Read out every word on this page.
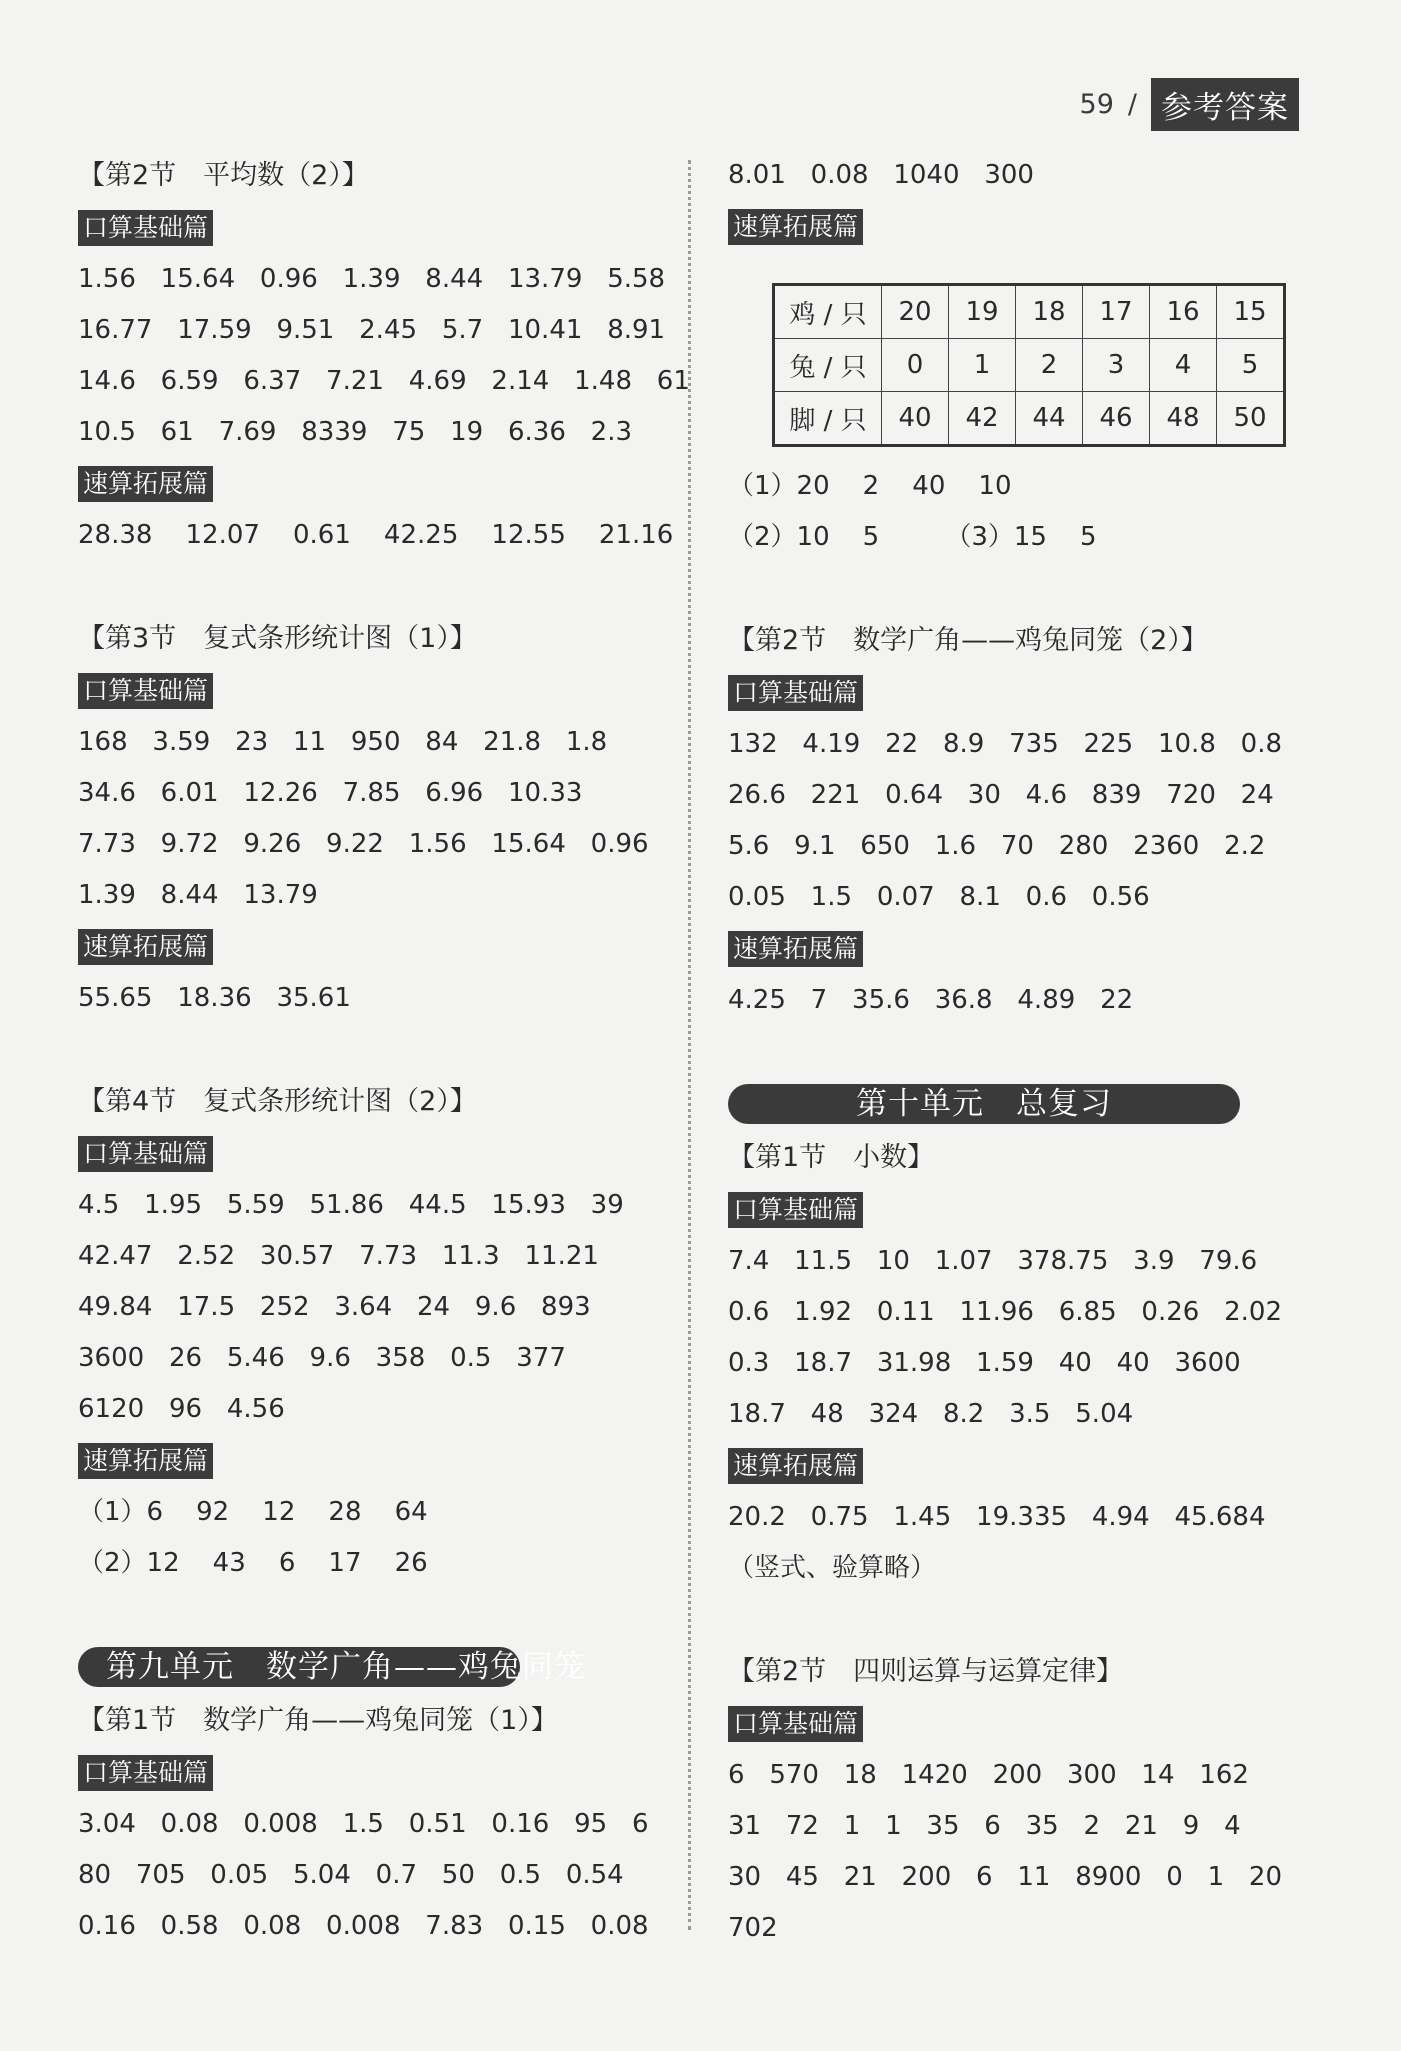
59 / 参考答案
【第2节　平均数（2）】
口算基础篇
1.56   15.64   0.96   1.39   8.44   13.79   5.58
16.77   17.59   9.51   2.45   5.7   10.41   8.91
14.6   6.59   6.37   7.21   4.69   2.14   1.48   61
10.5   61   7.69   8339   75   19   6.36   2.3
速算拓展篇
28.38    12.07    0.61    42.25    12.55    21.16
【第3节　复式条形统计图（1）】
口算基础篇
168   3.59   23   11   950   84   21.8   1.8
34.6   6.01   12.26   7.85   6.96   10.33
7.73   9.72   9.26   9.22   1.56   15.64   0.96
1.39   8.44   13.79
速算拓展篇
55.65   18.36   35.61
【第4节　复式条形统计图（2）】
口算基础篇
4.5   1.95   5.59   51.86   44.5   15.93   39
42.47   2.52   30.57   7.73   11.3   11.21
49.84   17.5   252   3.64   24   9.6   893
3600   26   5.46   9.6   358   0.5   377
6120   96   4.56
速算拓展篇
（1）6    92    12    28    64
（2）12    43    6    17    26
第九单元　数学广角——鸡兔同笼
【第1节　数学广角——鸡兔同笼（1）】
口算基础篇
3.04   0.08   0.008   1.5   0.51   0.16   95   6
80   705   0.05   5.04   0.7   50   0.5   0.54
0.16   0.58   0.08   0.008   7.83   0.15   0.08
8.01   0.08   1040   300
速算拓展篇
鸡 / 只	20	19	18	17	16	15
兔 / 只	0	1	2	3	4	5
脚 / 只	40	42	44	46	48	50
（1）20    2    40    10
（2）10    5        （3）15    5
【第2节　数学广角——鸡兔同笼（2）】
口算基础篇
132   4.19   22   8.9   735   225   10.8   0.8
26.6   221   0.64   30   4.6   839   720   24
5.6   9.1   650   1.6   70   280   2360   2.2
0.05   1.5   0.07   8.1   0.6   0.56
速算拓展篇
4.25   7   35.6   36.8   4.89   22
第十单元　总复习
【第1节　小数】
口算基础篇
7.4   11.5   10   1.07   378.75   3.9   79.6
0.6   1.92   0.11   11.96   6.85   0.26   2.02
0.3   18.7   31.98   1.59   40   40   3600
18.7   48   324   8.2   3.5   5.04
速算拓展篇
20.2   0.75   1.45   19.335   4.94   45.684
（竖式、验算略）
【第2节　四则运算与运算定律】
口算基础篇
6   570   18   1420   200   300   14   162
31   72   1   1   35   6   35   2   21   9   4
30   45   21   200   6   11   8900   0   1   20
702
